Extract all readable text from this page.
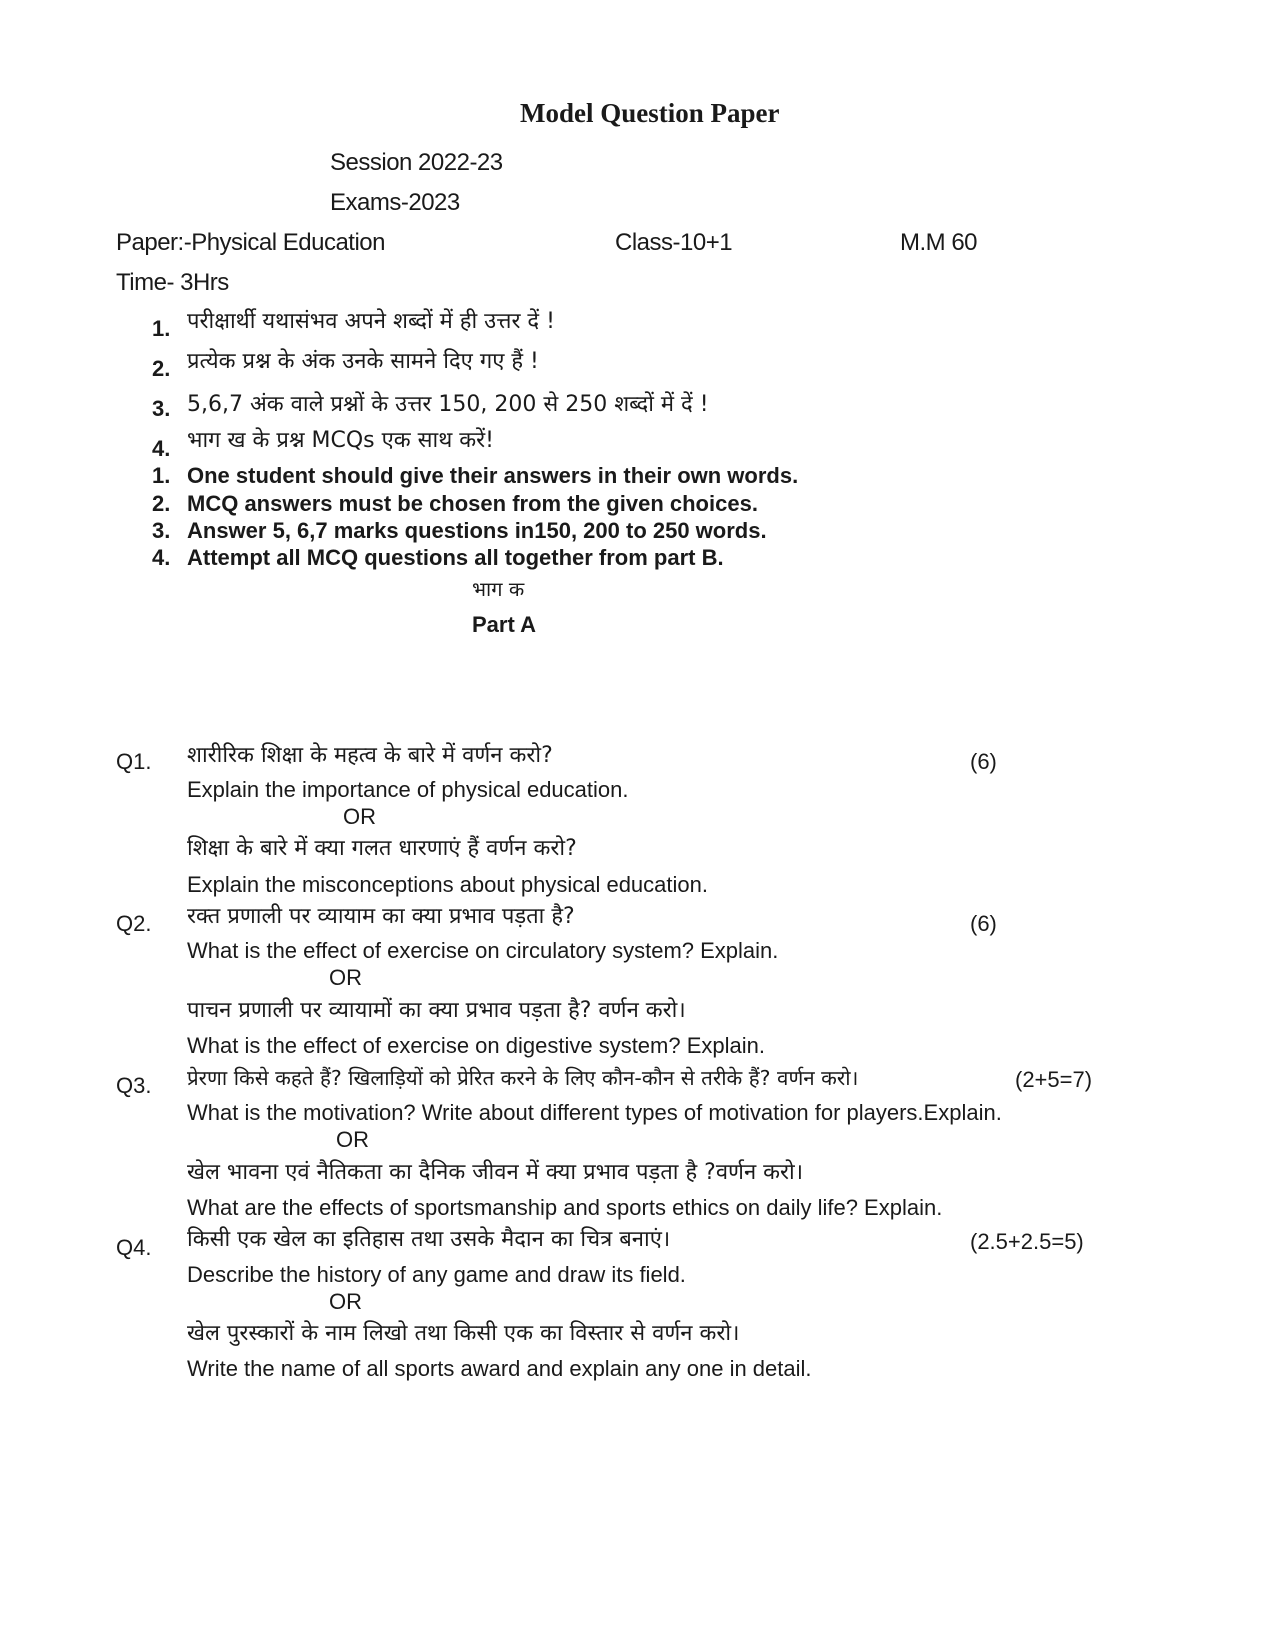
Model Question Paper
Session 2022-23
Exams-2023
Paper:-Physical Education	Class-10+1	M.M 60
Time- 3Hrs
1. परीक्षार्थी यथासंभव अपने शब्दों में ही उत्तर दें !
2. प्रत्येक प्रश्न के अंक उनके सामने दिए गए हैं !
3. 5,6,7 अंक वाले प्रश्नों के उत्तर 150, 200 से 250 शब्दों में दें !
4. भाग ख के प्रश्न MCQs एक साथ करें!
1. One student should give their answers in their own words.
2. MCQ answers must be chosen from the given choices.
3. Answer 5, 6,7 marks questions in150, 200 to 250 words.
4. Attempt all MCQ questions all together from part B.
भाग क
Part A
Q1. शारीरिक शिक्षा के महत्व के बारे में वर्णन करो?	(6)
Explain the importance of physical education.
OR
शिक्षा के बारे में क्या गलत धारणाएं हैं वर्णन करो?
Explain the misconceptions about physical education.
Q2. रक्त प्रणाली पर व्यायाम का क्या प्रभाव पड़ता है?	(6)
What is the effect of exercise on circulatory system? Explain.
OR
पाचन प्रणाली पर व्यायामों का क्या प्रभाव पड़ता है? वर्णन करो।
What is the effect of exercise on digestive system? Explain.
Q3. प्रेरणा किसे कहते हैं? खिलाड़ियों को प्रेरित करने के लिए कौन-कौन से तरीके हैं? वर्णन करो।	(2+5=7)
What is the motivation? Write about different types of motivation for players.Explain.
OR
खेल भावना एवं नैतिकता का दैनिक जीवन में क्या प्रभाव पड़ता है ?वर्णन करो।
What are the effects of sportsmanship and sports ethics on daily life? Explain.
Q4. किसी एक खेल का इतिहास तथा उसके मैदान का चित्र बनाएं।	(2.5+2.5=5)
Describe the history of any game and draw its field.
OR
खेल पुरस्कारों के नाम लिखो तथा किसी एक का विस्तार से वर्णन करो।
Write the name of all sports award and explain any one in detail.
